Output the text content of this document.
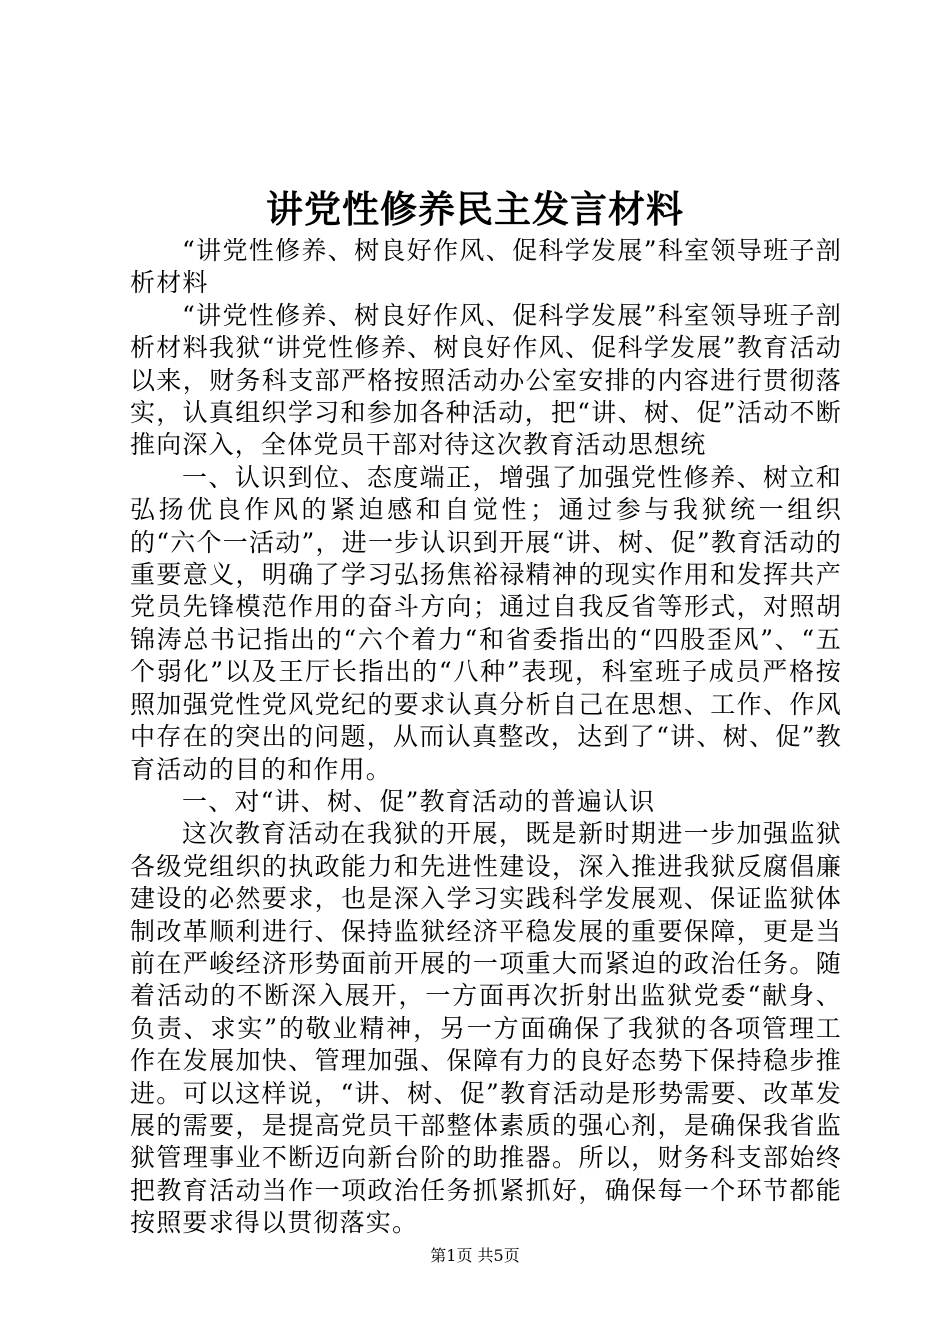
讲党性修养民主发言材料

“讲党性修养、树良好作风、促科学发展”科室领导班子剖析材料

“讲党性修养、树良好作风、促科学发展”科室领导班子剖析材料我狱“讲党性修养、树良好作风、促科学发展”教育活动以来，财务科支部严格按照活动办公室安排的内容进行贯彻落实，认真组织学习和参加各种活动，把“讲、树、促”活动不断推向深入，全体党员干部对待这次教育活动思想统

一、认识到位、态度端正，增强了加强党性修养、树立和弘扬优良作风的紧迫感和自觉性；通过参与我狱统一组织的“六个一活动”，进一步认识到开展“讲、树、促”教育活动的重要意义，明确了学习弘扬焦裕禄精神的现实作用和发挥共产党员先锋模范作用的奋斗方向；通过自我反省等形式，对照胡锦涛总书记指出的“六个着力“和省委指出的“四股歪风”、“五个弱化”以及王厅长指出的“八种”表现，科室班子成员严格按照加强党性党风党纪的要求认真分析自己在思想、工作、作风中存在的突出的问题，从而认真整改，达到了“讲、树、促”教育活动的目的和作用。

一、对“讲、树、促”教育活动的普遍认识

这次教育活动在我狱的开展，既是新时期进一步加强监狱各级党组织的执政能力和先进性建设，深入推进我狱反腐倡廉建设的必然要求，也是深入学习实践科学发展观、保证监狱体制改革顺利进行、保持监狱经济平稳发展的重要保障，更是当前在严峻经济形势面前开展的一项重大而紧迫的政治任务。随着活动的不断深入展开，一方面再次折射出监狱党委“献身、负责、求实”的敬业精神，另一方面确保了我狱的各项管理工作在发展加快、管理加强、保障有力的良好态势下保持稳步推进。可以这样说，“讲、树、促”教育活动是形势需要、改革发展的需要，是提高党员干部整体素质的强心剂，是确保我省监狱管理事业不断迈向新台阶的助推器。所以，财务科支部始终把教育活动当作一项政治任务抓紧抓好，确保每一个环节都能按照要求得以贯彻落实。

第1页 共5页
